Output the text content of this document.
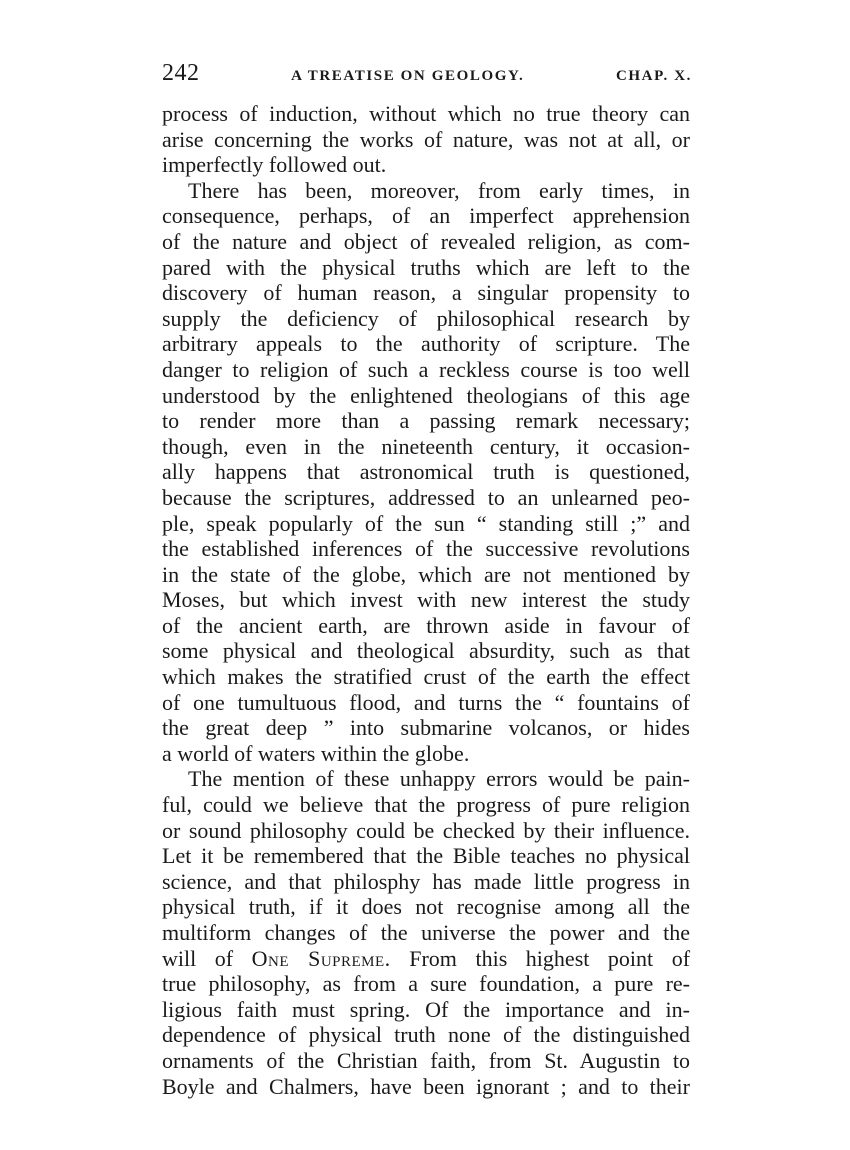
242	A TREATISE ON GEOLOGY.	CHAP. X.
process of induction, without which no true theory can
arise concerning the works of nature, was not at all, or
imperfectly followed out.
There has been, moreover, from early times, in
consequence, perhaps, of an imperfect apprehension
of the nature and object of revealed religion, as com-
pared with the physical truths which are left to the
discovery of human reason, a singular propensity to
supply the deficiency of philosophical research by
arbitrary appeals to the authority of scripture. The
danger to religion of such a reckless course is too well
understood by the enlightened theologians of this age
to render more than a passing remark necessary;
though, even in the nineteenth century, it occasion-
ally happens that astronomical truth is questioned,
because the scriptures, addressed to an unlearned peo-
ple, speak popularly of the sun “ standing still ;” and
the established inferences of the successive revolutions
in the state of the globe, which are not mentioned by
Moses, but which invest with new interest the study
of the ancient earth, are thrown aside in favour of
some physical and theological absurdity, such as that
which makes the stratified crust of the earth the effect
of one tumultuous flood, and turns the “ fountains of
the great deep ” into submarine volcanos, or hides
a world of waters within the globe.
The mention of these unhappy errors would be pain-
ful, could we believe that the progress of pure religion
or sound philosophy could be checked by their influence.
Let it be remembered that the Bible teaches no physical
science, and that philosphy has made little progress in
physical truth, if it does not recognise among all the
multiform changes of the universe the power and the
will of One Supreme. From this highest point of
true philosophy, as from a sure foundation, a pure re-
ligious faith must spring. Of the importance and in-
dependence of physical truth none of the distinguished
ornaments of the Christian faith, from St. Augustin to
Boyle and Chalmers, have been ignorant ; and to their
